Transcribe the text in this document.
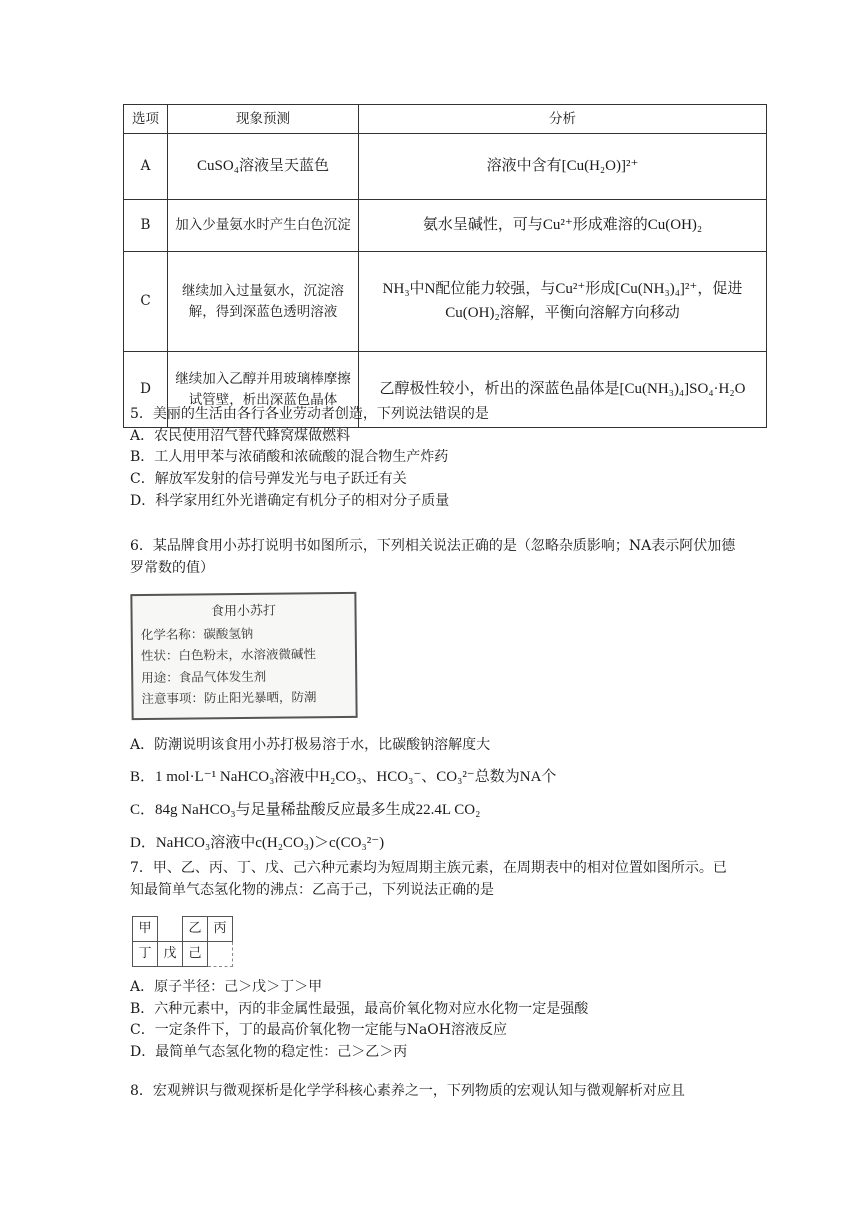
选项	现象预测	分析
A	CuSO₄溶液呈天蓝色	溶液中含有[Cu(H₂O)]²⁺
B	加入少量氨水时产生白色沉淀	氨水呈碱性，可与Cu²⁺形成难溶的Cu(OH)₂
C	继续加入过量氨水，沉淀溶解，得到深蓝色透明溶液	NH₃中N配位能力较强，与Cu²⁺形成[Cu(NH₃)₄]²⁺，促进Cu(OH)₂溶解，平衡向溶解方向移动
D	继续加入乙醇并用玻璃棒摩擦试管壁，析出深蓝色晶体	乙醇极性较小，析出的深蓝色晶体是[Cu(NH₃)₄]SO₄·H₂O

5．美丽的生活由各行各业劳动者创造，下列说法错误的是

A．农民使用沼气替代蜂窝煤做燃料

B．工人用甲苯与浓硝酸和浓硫酸的混合物生产炸药

C．解放军发射的信号弹发光与电子跃迁有关

D．科学家用红外光谱确定有机分子的相对分子质量

6．某品牌食用小苏打说明书如图所示，下列相关说法正确的是（忽略杂质影响；NA表示阿伏加德罗常数的值）

食用小苏打
化学名称：碳酸氢钠
性状：白色粉末，水溶液微碱性
用途：食品气体发生剂
注意事项：防止阳光暴晒，防潮

A．防潮说明该食用小苏打极易溶于水，比碳酸钠溶解度大

B．1 mol·L⁻¹ NaHCO₃溶液中H₂CO₃、HCO₃⁻、CO₃²⁻总数为NA个

C．84g NaHCO₃与足量稀盐酸反应最多生成22.4L CO₂

D．NaHCO₃溶液中c(H₂CO₃)＞c(CO₃²⁻)

7．甲、乙、丙、丁、戊、己六种元素均为短周期主族元素，在周期表中的相对位置如图所示。已知最简单气态氢化物的沸点：乙高于己，下列说法正确的是

甲		乙	丙
丁	戊	己	

A．原子半径：己＞戊＞丁＞甲

B．六种元素中，丙的非金属性最强，最高价氧化物对应水化物一定是强酸

C．一定条件下，丁的最高价氧化物一定能与NaOH溶液反应

D．最简单气态氢化物的稳定性：己＞乙＞丙

8．宏观辨识与微观探析是化学学科核心素养之一，下列物质的宏观认知与微观解析对应且
